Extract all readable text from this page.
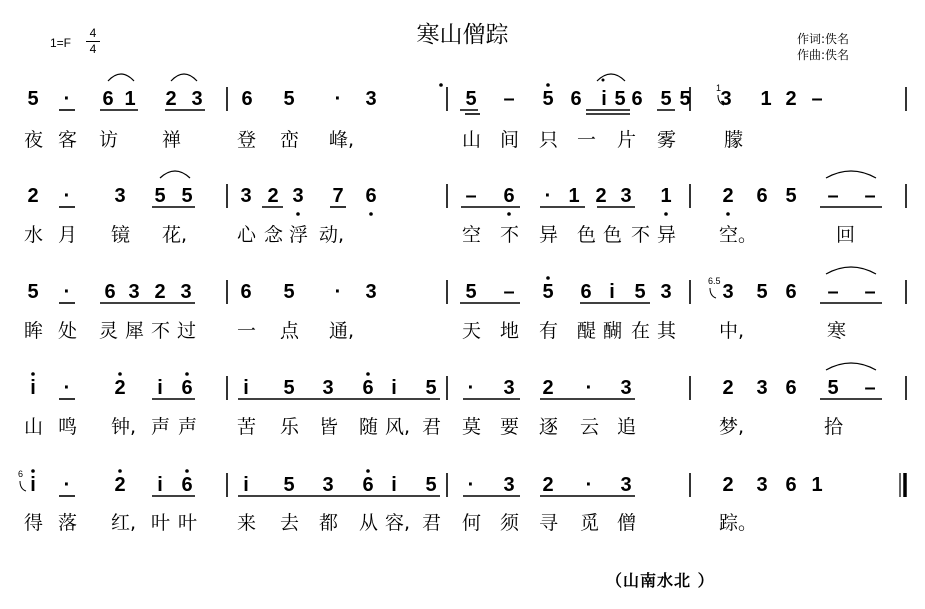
寒山僧踪
$1=F \frac{4}{4}$	作词:佚名
作曲:佚名
5 · 6 1 2 3 6 5 · 3	5 – 5 6 i 5 6 5 5 3 1 2 –
夜 客 访 禅	登 峦 峰,	山 间 只 一 片 雾	朦
2 · 3 5 5 3 2 3 7 6	– 6 · 1 2 3 1	2 6 5 – –
水 月 镜 花,	心 念 浮 动,	空 不 异 色 色 不 异 空。	回
5 · 6 3 2 3 6 5 · 3	5 – 5 6 i 5 3	3 5 6 – –
眸 处 灵 犀 不 过 一 点 通,	天 地 有 醍 醐 在 其 中,	寒
i · 2 i 6	i 5 3 6 i 5 · 3 2 · 3	2 3 6 5 –
山 鸣 钟, 声 声 苦 乐 皆 随 风, 君 莫 要 逐 云 追	梦,	拾
i · 2 i 6	i 5 3 6 i 5 · 3 2 · 3	2 3 6 1
得 落 红, 叶 叶 来 去 都 从 容, 君 何 须 寻 觅 僧	踪。
1
6.5
6
（山南水北 ）
